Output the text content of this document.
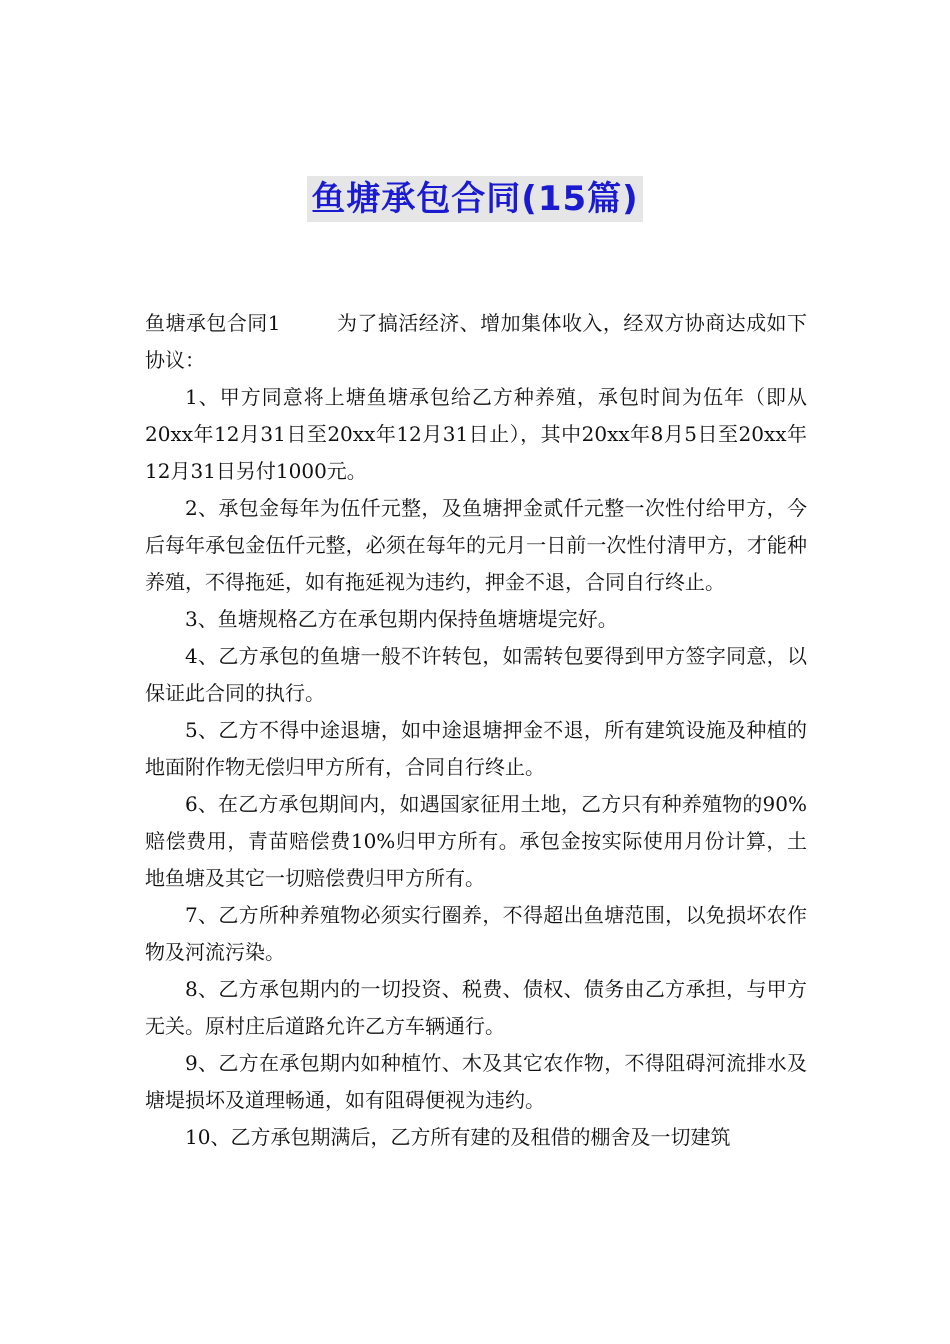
鱼塘承包合同(15篇)

鱼塘承包合同1	为了搞活经济、增加集体收入，经双方协商达成如下协议：

1、甲方同意将上塘鱼塘承包给乙方种养殖，承包时间为伍年（即从20xx年12月31日至20xx年12月31日止），其中20xx年8月5日至20xx年12月31日另付1000元。

2、承包金每年为伍仟元整，及鱼塘押金贰仟元整一次性付给甲方，今后每年承包金伍仟元整，必须在每年的元月一日前一次性付清甲方，才能种养殖，不得拖延，如有拖延视为违约，押金不退，合同自行终止。

3、鱼塘规格乙方在承包期内保持鱼塘塘堤完好。

4、乙方承包的鱼塘一般不许转包，如需转包要得到甲方签字同意，以保证此合同的执行。

5、乙方不得中途退塘，如中途退塘押金不退，所有建筑设施及种植的地面附作物无偿归甲方所有，合同自行终止。

6、在乙方承包期间内，如遇国家征用土地，乙方只有种养殖物的90%赔偿费用，青苗赔偿费10%归甲方所有。承包金按实际使用月份计算，土地鱼塘及其它一切赔偿费归甲方所有。

7、乙方所种养殖物必须实行圈养，不得超出鱼塘范围，以免损坏农作物及河流污染。

8、乙方承包期内的一切投资、税费、债权、债务由乙方承担，与甲方无关。原村庄后道路允许乙方车辆通行。

9、乙方在承包期内如种植竹、木及其它农作物，不得阻碍河流排水及塘堤损坏及道理畅通，如有阻碍便视为违约。

10、乙方承包期满后，乙方所有建的及租借的棚舍及一切建筑
